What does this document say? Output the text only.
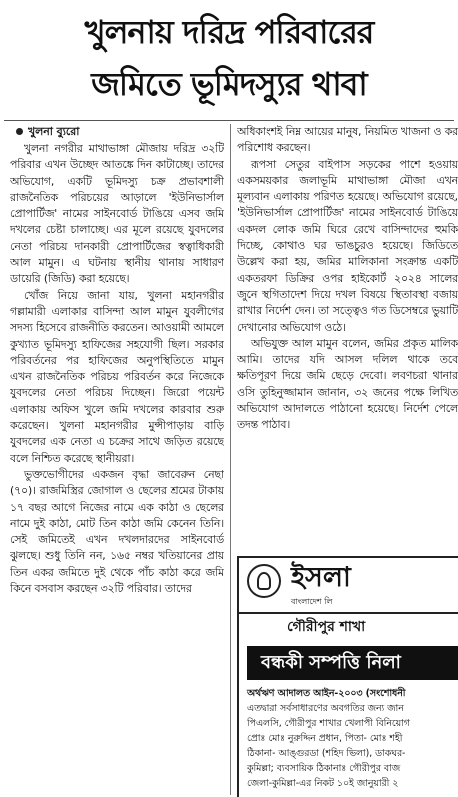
খুলনায় দরিদ্র পরিবারের
জমিতে ভূমিদস্যুর থাবা
খুলনা ব্যুরো

খুলনা নগরীর মাথাভাঙ্গা মৌজায় দরিদ্র ৩২টি পরিবার এখন উচ্ছেদ আতঙ্কে দিন কাটাচ্ছে। তাদের অভিযোগ, একটি ভূমিদস্যু চক্র প্রভাবশালী রাজনৈতিক পরিচয়ের আড়ালে 'ইউনিভার্সাল প্রোপার্টিজ' নামের সাইনবোর্ড টাঙিয়ে এসব জমি দখলের চেষ্টা চালাচ্ছে। এর মূলে রয়েছে যুবদলের নেতা পরিচয় দানকারী প্রোপার্টিজের স্বত্বাধিকারী আল মামুন। এ ঘটনায় স্থানীয় থানায় সাধারণ ডায়েরি (জিডি) করা হয়েছে।

খোঁজ নিয়ে জানা যায়, খুলনা মহানগরীর গল্লামারী এলাকার বাসিন্দা আল মামুন যুবলীগের সদস্য হিসেবে রাজনীতি করতেন। আওয়ামী আমলে কুখ্যাত ভূমিদস্যু হাফিজের সহযোগী ছিল। সরকার পরিবর্তনের পর হাফিজের অনুপস্থিতিতে মামুন এখন রাজনৈতিক পরিচয় পরিবর্তন করে নিজেকে যুবদলের নেতা পরিচয় দিচ্ছেন। জিরো পয়েন্ট এলাকায় অফিস খুলে জমি দখলের কারবার শুরু করেছেন। খুলনা মহানগরীর মুন্সীপাড়ায় বাড়ি যুবদলের এক নেতা এ চক্রের সাথে জড়িত রয়েছে বলে নিশ্চিত করেছে স্থানীয়রা।

ভুক্তভোগীদের একজন বৃদ্ধা জাবেরুন নেছা (৭০)। রাজমিস্ত্রির জোগাল ও ছেলের শ্রমের টাকায় ১৭ বছর আগে নিজের নামে এক কাঠা ও ছেলের নামে দুই কাঠা, মোট তিন কাঠা জমি কেনেন তিনি। সেই জমিতেই এখন দখলদারদের সাইনবোর্ড ঝুলছে। শুধু তিনি নন, ১৬৫ নম্বর খতিয়ানের প্রায় তিন একর জমিতে দুই থেকে পাঁচ কাঠা করে জমি কিনে বসবাস করছেন ৩২টি পরিবার। তাদের

অধিকাংশই নিম্ন আয়ের মানুষ, নিয়মিত খাজনা ও কর পরিশোধ করছেন।

রূপসা সেতুর বাইপাস সড়কের পাশে হওয়ায় একসময়কার জলাভূমি মাথাভাঙ্গা মৌজা এখন মূল্যবান এলাকায় পরিণত হয়েছে। অভিযোগ রয়েছে, 'ইউনিভার্সাল প্রোপার্টিজ' নামের সাইনবোর্ড টাঙিয়ে একদল লোক জমি ঘিরে রেখে বাসিন্দাদের হুমকি দিচ্ছে, কোথাও ঘর ভাঙচুরও হয়েছে। জিডিতে উল্লেখ করা হয়, জমির মালিকানা সংক্রান্ত একটি একতরফা ডিক্রির ওপর হাইকোর্ট ২০২৪ সালের জুনে স্থগিতাদেশ দিয়ে দখল বিষয়ে স্থিতাবস্থা বজায় রাখার নির্দেশ দেন। তা সত্ত্বেও গত ডিসেম্বরে ভুয়াটি দেখানোর অভিযোগ ওঠে।

অভিযুক্ত আল মামুন বলেন, জমির প্রকৃত মালিক আমি। তাদের যদি আসল দলিল থাকে তবে ক্ষতিপূরণ দিয়ে জমি ছেড়ে দেবো। লবণচরা থানার ওসি তুহিনুজ্জামান জানান, ৩২ জনের পক্ষে লিখিত অভিযোগ আদালতে পাঠানো হয়েছে। নির্দেশ পেলে তদন্ত পাঠাব।

ইসলা
বাংলাদেশ লি
গৌরীপুর শাখা
বন্ধকী সম্পত্তি নিলা
অর্থঋণ আদালত আইন-২০০৩ (সংশোধনী
এতদ্বারা সর্বসাধারণের অবগতির জন্য জান
পিএলসি, গৌরীপুর শাখার খেলাপী বিনিয়োগ
প্রোঃ মোঃ নুরুদ্দিন প্রধান, পিতা- মোঃ শহী
ঠিকানা- আঙ্গুরডা (শহিদ ভিলা), ডাকঘর-
কুমিল্লা; ব্যবসায়িক ঠিকানাঃ গৌরীপুর বাজ
জেলা-কুমিল্লা-এর নিকট ১০ই জানুয়ারী ২
